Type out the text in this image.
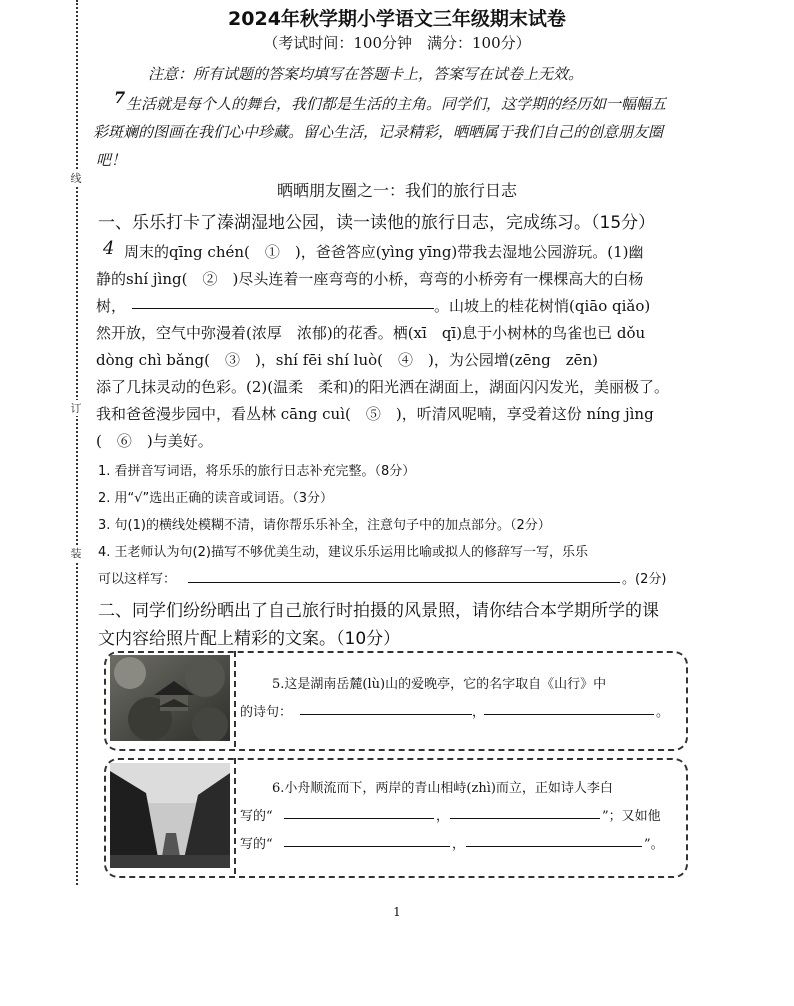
线
订
装
2024年秋学期小学语文三年级期末试卷
（考试时间：100分钟　满分：100分）
注意：所有试题的答案均填写在答题卡上，答案写在试卷上无效。
7 生活就是每个人的舞台，我们都是生活的主角。同学们，这学期的经历如一幅幅五
彩斑斓的图画在我们心中珍藏。留心生活，记录精彩，晒晒属于我们自己的创意朋友圈
吧！
晒晒朋友圈之一：我们的旅行日志
一、乐乐打卡了溱湖湿地公园，读一读他的旅行日志，完成练习。（15分）
4 周末的qīng chén(　①　)，爸爸答应(yìng yīng)带我去湿地公园游玩。(1)幽
静的shí jìng(　②　)尽头连着一座弯弯的小桥，弯弯的小桥旁有一棵棵高大的白杨
树，	。山坡上的桂花树悄(qiāo qiǎo)
然开放，空气中弥漫着(浓厚　浓郁)的花香。栖(xī　qī)息于小树林的鸟雀也已 dǒu
dòng chì bǎng(　③　)，shí fēi shí luò(　④　)，为公园增(zēng　zēn)
添了几抹灵动的色彩。(2)(温柔　柔和)的阳光洒在湖面上，湖面闪闪发光，美丽极了。
我和爸爸漫步园中，看丛林 cāng cuì(　⑤　)，听清风呢喃，享受着这份 níng jìng
(　⑥　)与美好。
1. 看拼音写词语，将乐乐的旅行日志补充完整。（8分）
2. 用“√”选出正确的读音或词语。（3分）
3. 句(1)的横线处模糊不清，请你帮乐乐补全，注意句子中的加点部分。（2分）
4. 王老师认为句(2)描写不够优美生动，建议乐乐运用比喻或拟人的修辞写一写，乐乐
可以这样写：	。(2分)
二、同学们纷纷晒出了自己旅行时拍摄的风景照，请你结合本学期所学的课
文内容给照片配上精彩的文案。（10分）
5.这是湖南岳麓(lù)山的爱晚亭，它的名字取自《山行》中
的诗句：	，	。
6.小舟顺流而下，两岸的青山相峙(zhì)而立，正如诗人李白
写的“	，	”；又如他
写的“	，	”。
1
